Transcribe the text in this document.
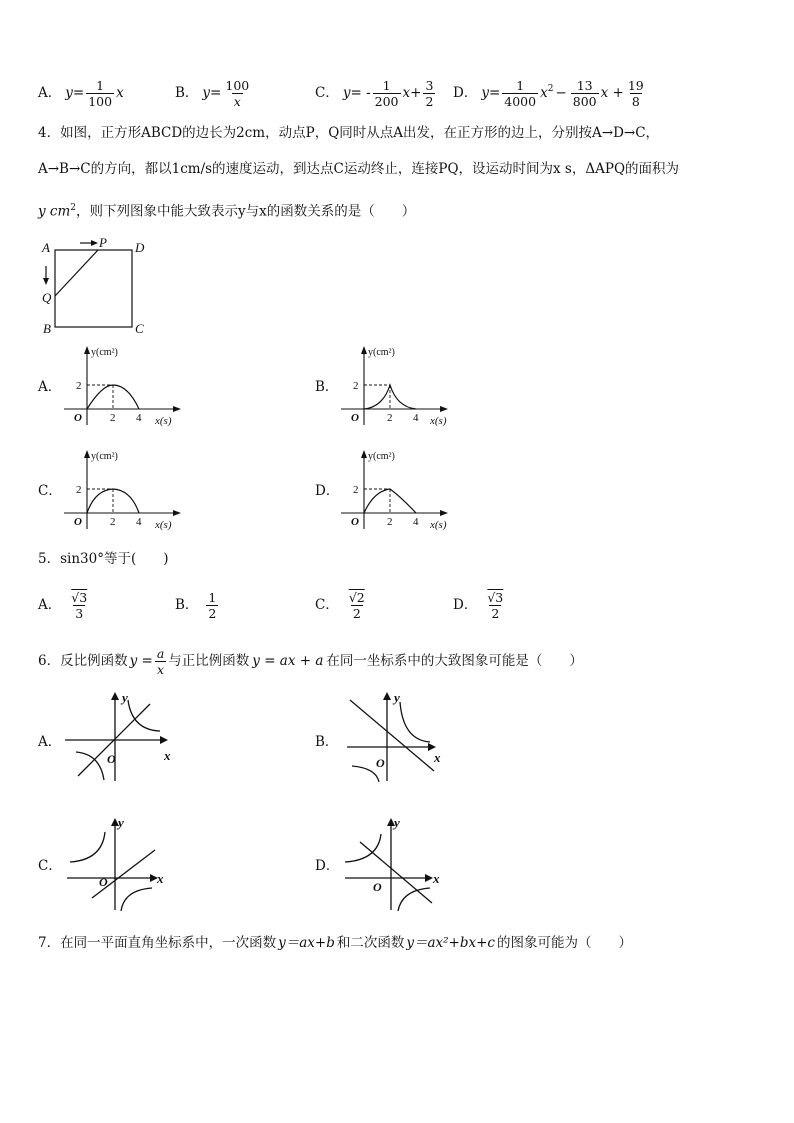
A． $y= \frac{1}{100}$ x	B． $y= \frac{100}{x}$	C． $y= - \frac{1}{200} x+ \frac{3}{2}$ D． $y= \frac{1}{4000} x^2 - \frac{13}{800}$ $x + \frac{19}{8}$
4．如图，正方形ABCD的边长为2cm，动点P，Q同时从点A出发，在正方形的边上，分别按A→D→C，
A→B→C的方向，都以1cm/s的速度运动，到达点C运动终止，连接PQ，设运动时间为x s，ΔAPQ的面积为
y $cm^2$，则下列图象中能大致表示y与x的函数关系的是（　　）
A	P D
Q
B	C
A．	B．
C．	D．
y(cm²)
2
O	2 4 x(s)
y(cm²)
2
O	2 4 x(s)
y(cm²)
2
O	2 4 x(s)
y(cm²)
2
O	2 4 x(s)
5．sin30°等于(　　)
A． $\frac{√3}{3}$	B． $\frac{1}{2}$	C． $\frac{√2}{2}$	D． $\frac{√3}{2}$
6．反比例函数 $y = \frac{a}{x}$ 与正比例函数 y = ax + a 在同一坐标系中的大致图象可能是（　　）
A．	B．
C．	D．
x
y
O	x
y
O
x
y
O	x
y
O
7．在同一平面直角坐标系中，一次函数 y＝ax+b 和二次函数 y＝ax²+bx+c 的图象可能为（　　）
